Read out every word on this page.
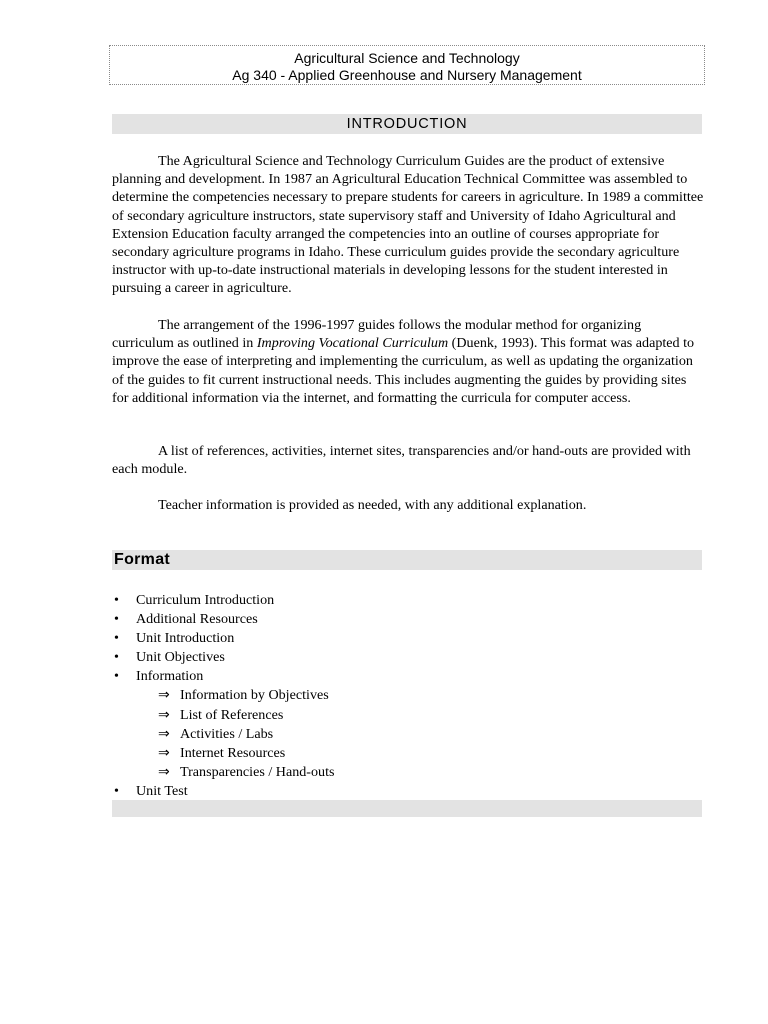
Agricultural Science and Technology
Ag 340 - Applied Greenhouse and Nursery Management
INTRODUCTION

The Agricultural Science and Technology Curriculum Guides are the product of extensive planning and development. In 1987 an Agricultural Education Technical Committee was assembled to determine the competencies necessary to prepare students for careers in agriculture. In 1989 a committee of secondary agriculture instructors, state supervisory staff and University of Idaho Agricultural and Extension Education faculty arranged the competencies into an outline of courses appropriate for secondary agriculture programs in Idaho. These curriculum guides provide the secondary agriculture instructor with up-to-date instructional materials in developing lessons for the student interested in pursuing a career in agriculture.

The arrangement of the 1996-1997 guides follows the modular method for organizing curriculum as outlined in Improving Vocational Curriculum (Duenk, 1993). This format was adapted to improve the ease of interpreting and implementing the curriculum, as well as updating the organization of the guides to fit current instructional needs. This includes augmenting the guides by providing sites for additional information via the internet, and formatting the curricula for computer access.

A list of references, activities, internet sites, transparencies and/or hand-outs are provided with each module.

Teacher information is provided as needed, with any additional explanation.

Format
• Curriculum Introduction
• Additional Resources
• Unit Introduction
• Unit Objectives
• Information
⇒ Information by Objectives
⇒ List of References
⇒ Activities / Labs
⇒ Internet Resources
⇒ Transparencies / Hand-outs
• Unit Test
